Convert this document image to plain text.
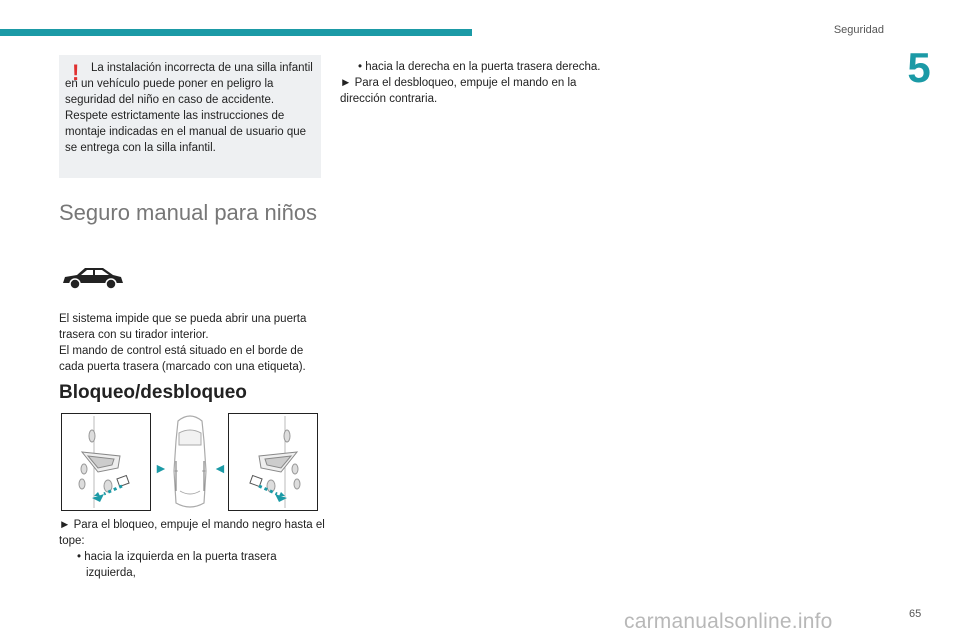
Seguridad
5
!	La instalación incorrecta de una silla infantil en un vehículo puede poner en peligro la seguridad del niño en caso de accidente.

Respete estrictamente las instrucciones de montaje indicadas en el manual de usuario que se entrega con la silla infantil.

Seguro manual para niños

El sistema impide que se pueda abrir una puerta trasera con su tirador interior.

El mando de control está situado en el borde de cada puerta trasera (marcado con una etiqueta).

Bloqueo/desbloqueo
►	◄

► Para el bloqueo, empuje el mando negro hasta el tope:

• hacia la izquierda en la puerta trasera izquierda,

• hacia la derecha en la puerta trasera derecha.

► Para el desbloqueo, empuje el mando en la dirección contraria.

carmanualsonline.info	65
